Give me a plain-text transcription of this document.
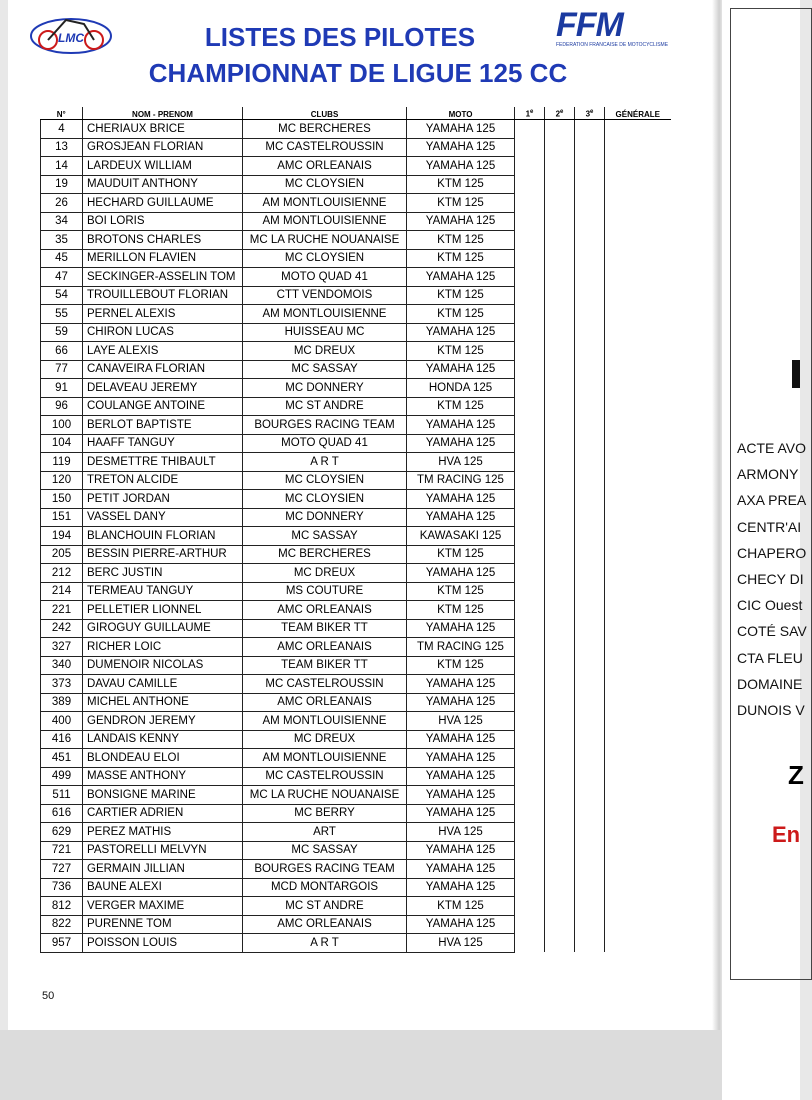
LMC	FFM
FEDERATION FRANCAISE DE MOTOCYCLISME
LISTES DES PILOTES
CHAMPIONNAT DE LIGUE 125 CC
N°	NOM - PRENOM	CLUBS	MOTO	1e	2e	3e	GÉNÉRALE
4	CHERIAUX BRICE	MC BERCHERES	YAMAHA 125				
13	GROSJEAN FLORIAN	MC CASTELROUSSIN	YAMAHA 125				
14	LARDEUX WILLIAM	AMC ORLEANAIS	YAMAHA 125				
19	MAUDUIT ANTHONY	MC CLOYSIEN	KTM 125				
26	HECHARD GUILLAUME	AM MONTLOUISIENNE	KTM 125				
34	BOI LORIS	AM MONTLOUISIENNE	YAMAHA 125				
35	BROTONS CHARLES	MC LA RUCHE NOUANAISE	KTM 125				
45	MERILLON FLAVIEN	MC CLOYSIEN	KTM 125				
47	SECKINGER-ASSELIN TOM	MOTO QUAD 41	YAMAHA 125				
54	TROUILLEBOUT FLORIAN	CTT VENDOMOIS	KTM 125				
55	PERNEL ALEXIS	AM MONTLOUISIENNE	KTM 125				
59	CHIRON LUCAS	HUISSEAU MC	YAMAHA 125				
66	LAYE ALEXIS	MC DREUX	KTM 125				
77	CANAVEIRA FLORIAN	MC SASSAY	YAMAHA 125				
91	DELAVEAU JEREMY	MC DONNERY	HONDA 125				
96	COULANGE ANTOINE	MC ST ANDRE	KTM 125				
100	BERLOT BAPTISTE	BOURGES RACING TEAM	YAMAHA 125				
104	HAAFF TANGUY	MOTO QUAD 41	YAMAHA 125				
119	DESMETTRE THIBAULT	A R T	HVA 125				
120	TRETON ALCIDE	MC CLOYSIEN	TM RACING 125				
150	PETIT JORDAN	MC CLOYSIEN	YAMAHA 125				
151	VASSEL DANY	MC DONNERY	YAMAHA 125				
194	BLANCHOUIN FLORIAN	MC SASSAY	KAWASAKI 125				
205	BESSIN PIERRE-ARTHUR	MC BERCHERES	KTM 125				
212	BERC JUSTIN	MC DREUX	YAMAHA 125				
214	TERMEAU TANGUY	MS COUTURE	KTM 125				
221	PELLETIER LIONNEL	AMC ORLEANAIS	KTM 125				
242	GIROGUY GUILLAUME	TEAM BIKER TT	YAMAHA 125				
327	RICHER LOIC	AMC ORLEANAIS	TM RACING 125				
340	DUMENOIR NICOLAS	TEAM BIKER TT	KTM 125				
373	DAVAU CAMILLE	MC CASTELROUSSIN	YAMAHA 125				
389	MICHEL ANTHONE	AMC ORLEANAIS	YAMAHA 125				
400	GENDRON JEREMY	AM MONTLOUISIENNE	HVA 125				
416	LANDAIS KENNY	MC DREUX	YAMAHA 125				
451	BLONDEAU ELOI	AM MONTLOUISIENNE	YAMAHA 125				
499	MASSE ANTHONY	MC CASTELROUSSIN	YAMAHA 125				
511	BONSIGNE MARINE	MC LA RUCHE NOUANAISE	YAMAHA 125				
616	CARTIER ADRIEN	MC BERRY	YAMAHA 125				
629	PEREZ MATHIS	ART	HVA 125				
721	PASTORELLI MELVYN	MC SASSAY	YAMAHA 125				
727	GERMAIN JILLIAN	BOURGES RACING TEAM	YAMAHA 125				
736	BAUNE ALEXI	MCD MONTARGOIS	YAMAHA 125				
812	VERGER MAXIME	MC ST ANDRE	KTM 125				
822	PURENNE TOM	AMC ORLEANAIS	YAMAHA 125				
957	POISSON LOUIS	A R T	HVA 125				
50
ACTE AVO
ARMONY
AXA PREA
CENTR'AI
CHAPERO
CHECY DI
CIC Ouest
COTÉ SAV
CTA FLEU
DOMAINE
DUNOIS V
Z
En
